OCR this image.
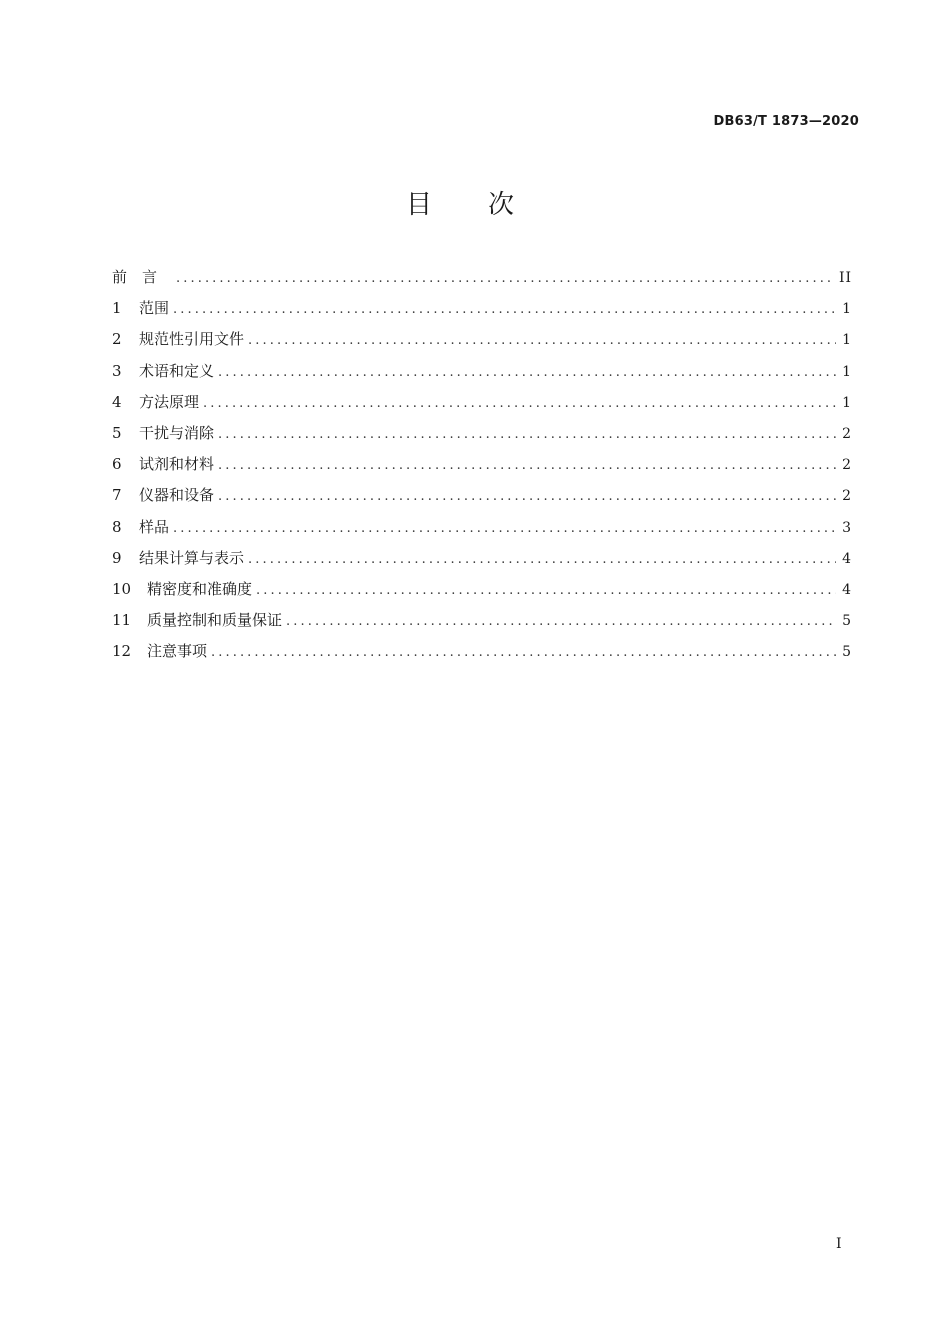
DB63/T 1873—2020
目次
前言 .....	II
1	范围 .....	1
2	规范性引用文件 .....	1
3	术语和定义 .....	1
4	方法原理 .....	1
5	干扰与消除 .....	2
6	试剂和材料 .....	2
7	仪器和设备 .....	2
8	样品 .....	3
9	结果计算与表示 .....	4
10	精密度和准确度 .....	4
11	质量控制和质量保证 .....	5
12	注意事项 .....	5
I
